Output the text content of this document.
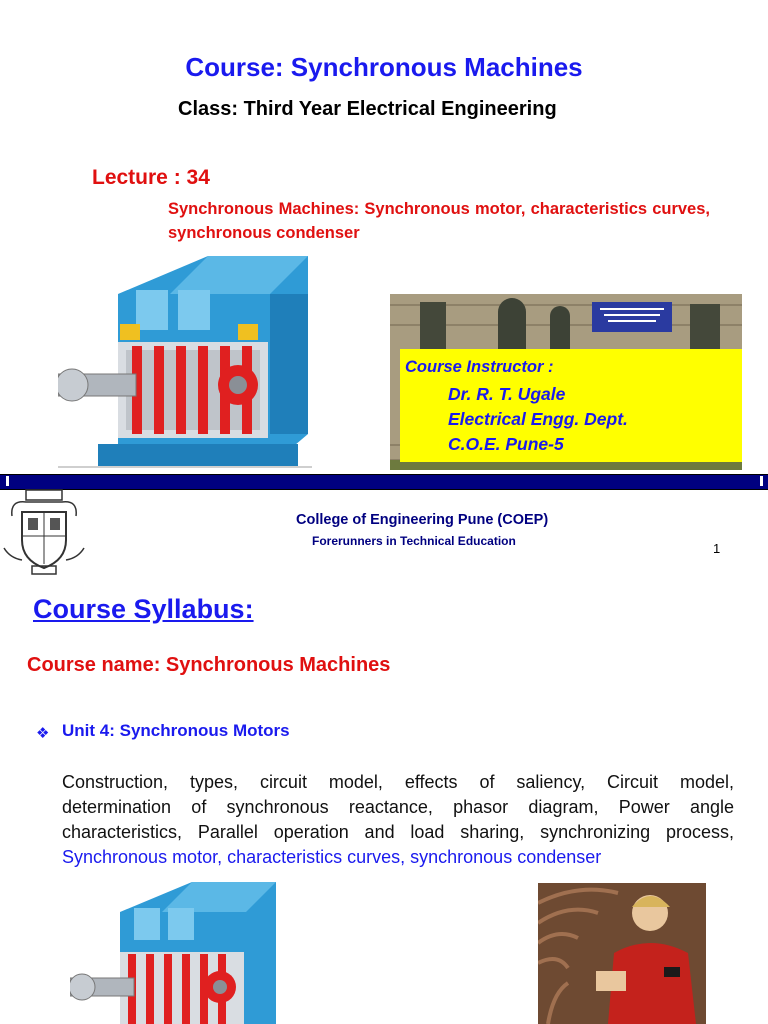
Course: Synchronous Machines
Class: Third Year Electrical Engineering
Lecture : 34
Synchronous Machines: Synchronous motor, characteristics curves, synchronous condenser
Course Instructor :
Dr. R. T. Ugale
Electrical Engg. Dept.
C.O.E. Pune-5
College of Engineering Pune (COEP)
Forerunners in Technical Education	1
Course Syllabus:
Course name: Synchronous Machines
❖ Unit 4: Synchronous Motors
Construction, types, circuit model, effects of saliency, Circuit model,
determination of synchronous reactance, phasor diagram, Power angle
characteristics, Parallel operation and load sharing, synchronizing process,
Synchronous motor, characteristics curves, synchronous condenser
